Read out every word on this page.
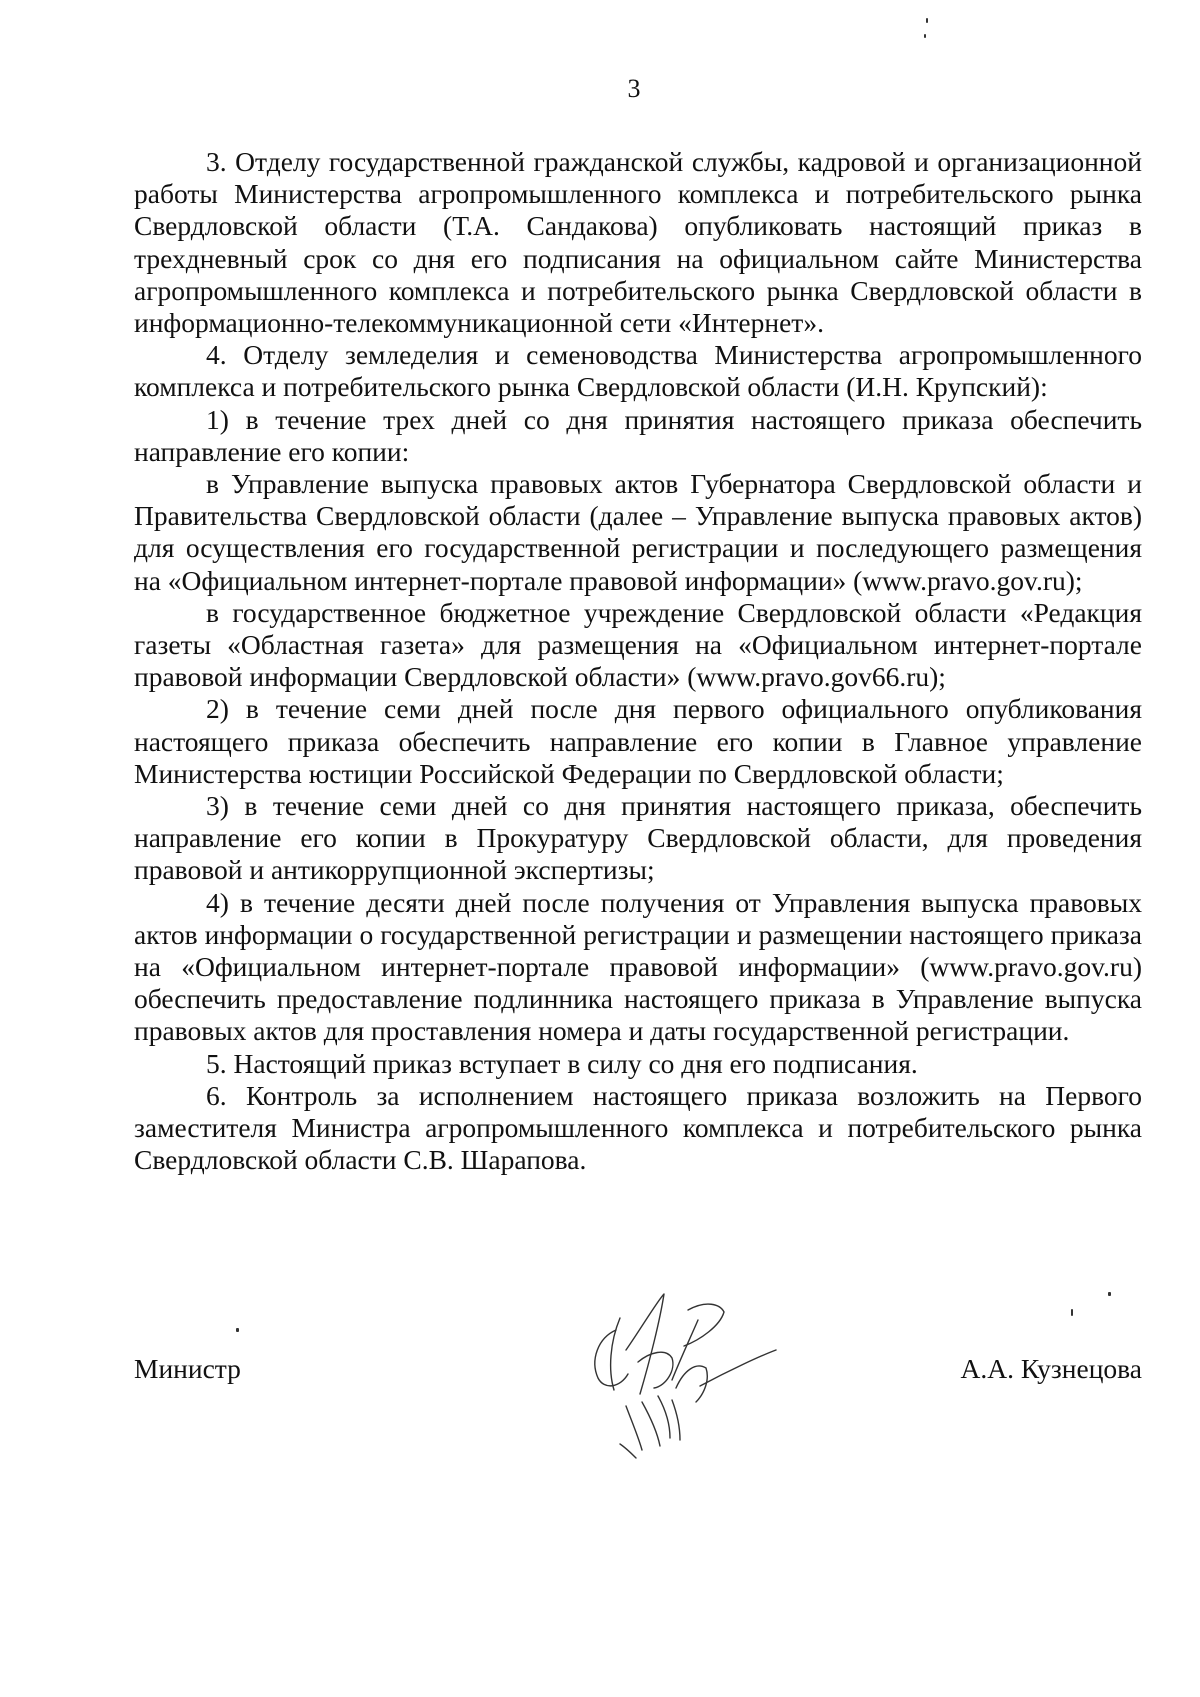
3

3. Отделу государственной гражданской службы, кадровой и организационной работы Министерства агропромышленного комплекса и потребительского рынка Свердловской области (Т.А. Сандакова) опубликовать настоящий приказ в трехдневный срок со дня его подписания на официальном сайте Министерства агропромышленного комплекса и потребительского рынка Свердловской области в информационно-телекоммуникационной сети «Интернет».

4. Отделу земледелия и семеноводства Министерства агропромышленного комплекса и потребительского рынка Свердловской области (И.Н. Крупский):

1) в течение трех дней со дня принятия настоящего приказа обеспечить направление его копии:

в Управление выпуска правовых актов Губернатора Свердловской области и Правительства Свердловской области (далее – Управление выпуска правовых актов) для осуществления его государственной регистрации и последующего размещения на «Официальном интернет-портале правовой информации» (www.pravo.gov.ru);

в государственное бюджетное учреждение Свердловской области «Редакция газеты «Областная газета» для размещения на «Официальном интернет-портале правовой информации Свердловской области» (www.pravo.gov66.ru);

2) в течение семи дней после дня первого официального опубликования настоящего приказа обеспечить направление его копии в Главное управление Министерства юстиции Российской Федерации по Свердловской области;

3) в течение семи дней со дня принятия настоящего приказа, обеспечить направление его копии в Прокуратуру Свердловской области, для проведения правовой и антикоррупционной экспертизы;

4) в течение десяти дней после получения от Управления выпуска правовых актов информации о государственной регистрации и размещении настоящего приказа на «Официальном интернет-портале правовой информации» (www.pravo.gov.ru) обеспечить предоставление подлинника настоящего приказа в Управление выпуска правовых актов для проставления номера и даты государственной регистрации.

5. Настоящий приказ вступает в силу со дня его подписания.

6. Контроль за исполнением настоящего приказа возложить на Первого заместителя Министра агропромышленного комплекса и потребительского рынка Свердловской области С.В. Шарапова.

Министр	А.А. Кузнецова
